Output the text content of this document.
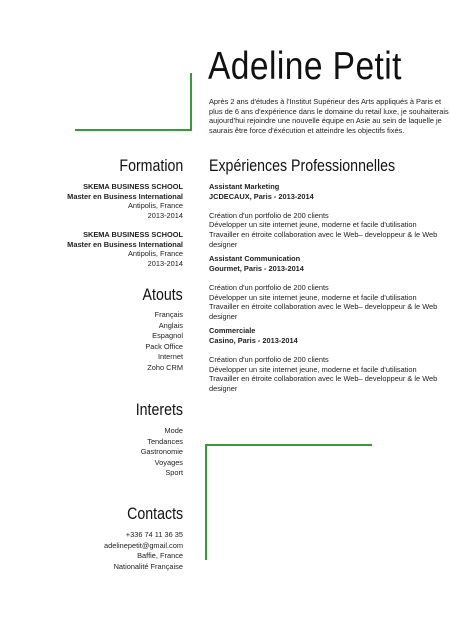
Adeline Petit
Après 2 ans d'études à l'Institut Supérieur des Arts appliqués à Paris et plus de 6 ans d'expérience dans le domaine du retail luxe, je souhaiterais aujourd'hui rejoindre une nouvelle équipe en Asie au sein de laquelle je saurais être force d'éxécution et atteindre les objectifs fixés.
Formation
SKEMA BUSINESS SCHOOL
Master en Business International
Antipolis, France
2013-2014
SKEMA BUSINESS SCHOOL
Master en Business International
Antipolis, France
2013-2014
Atouts
Français
Anglais
Espagnol
Pack Office
Internet
Zoho CRM
Interets
Mode
Tendances
Gastronomie
Voyages
Sport
Contacts
+336 74 11 36 35
adelinepetit@gmail.com
Baffie, France
Nationalité Française
Expériences Professionnelles
Assistant Marketing
JCDECAUX, Paris - 2013-2014
Création d'un portfolio de 200 clients
Développer un site internet jeune, moderne et facile d'utilisation
Travailler en étroite collaboration avec le Web– developpeur & le Web designer
Assistant Communication
Gourmet, Paris - 2013-2014
Création d'un portfolio de 200 clients
Développer un site internet jeune, moderne et facile d'utilisation
Travailler en étroite collaboration avec le Web– developpeur & le Web designer
Commerciale
Casino, Paris - 2013-2014
Création d'un portfolio de 200 clients
Développer un site internet jeune, moderne et facile d'utilisation
Travailler en étroite collaboration avec le Web– developpeur & le Web designer
